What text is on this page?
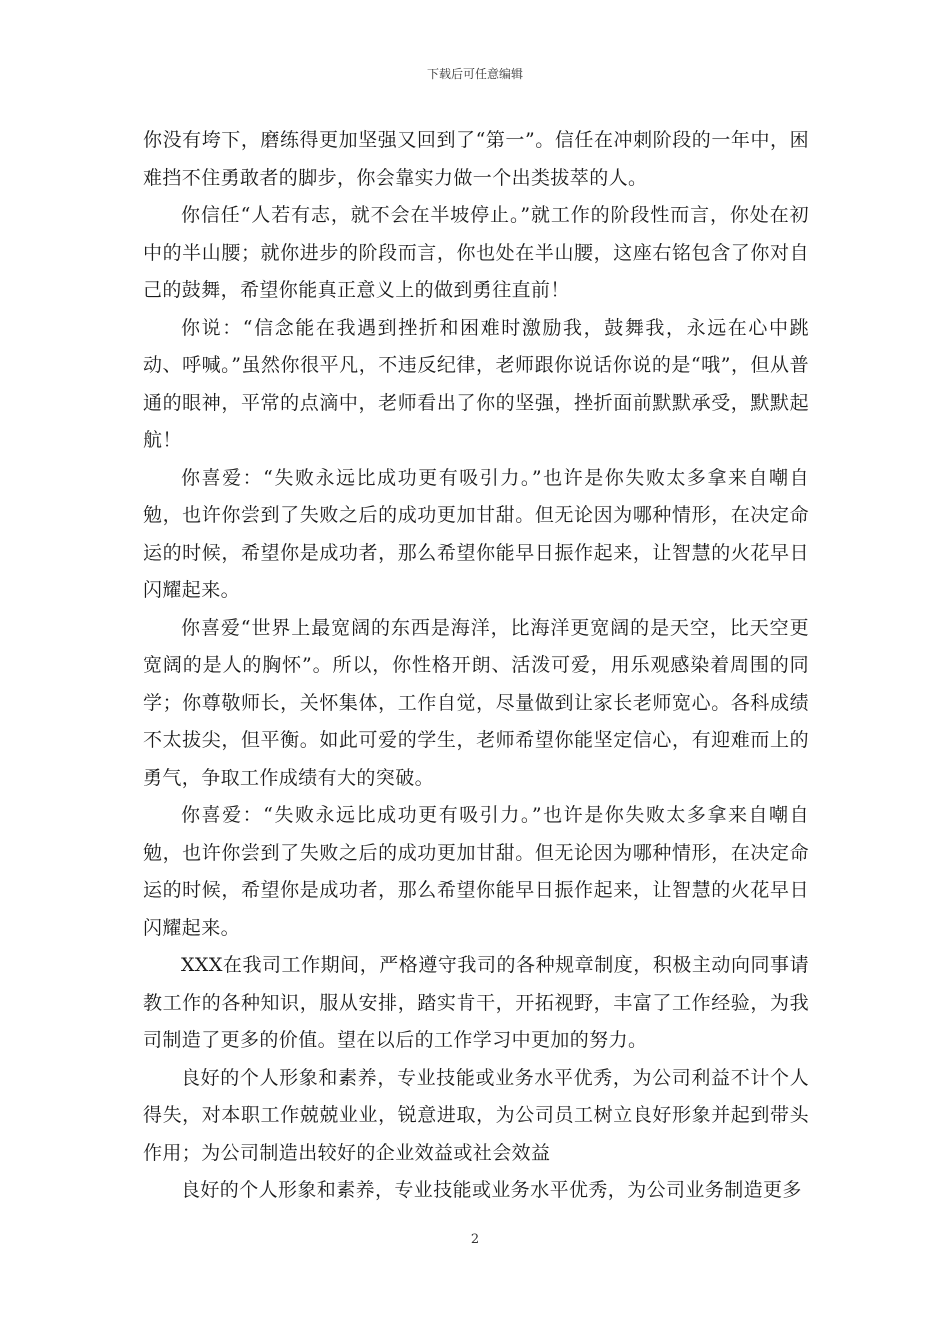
下载后可任意编辑

你没有垮下，磨练得更加坚强又回到了“第一”。信任在冲刺阶段的一年中，困难挡不住勇敢者的脚步，你会靠实力做一个出类拔萃的人。

你信任“人若有志，就不会在半坡停止。”就工作的阶段性而言，你处在初中的半山腰；就你进步的阶段而言，你也处在半山腰，这座右铭包含了你对自己的鼓舞，希望你能真正意义上的做到勇往直前！

你说：“信念能在我遇到挫折和困难时激励我，鼓舞我，永远在心中跳动、呼喊。”虽然你很平凡，不违反纪律，老师跟你说话你说的是“哦”，但从普通的眼神，平常的点滴中，老师看出了你的坚强，挫折面前默默承受，默默起航！

你喜爱：“失败永远比成功更有吸引力。”也许是你失败太多拿来自嘲自勉，也许你尝到了失败之后的成功更加甘甜。但无论因为哪种情形，在决定命运的时候，希望你是成功者，那么希望你能早日振作起来，让智慧的火花早日闪耀起来。

你喜爱“世界上最宽阔的东西是海洋，比海洋更宽阔的是天空，比天空更宽阔的是人的胸怀”。所以，你性格开朗、活泼可爱，用乐观感染着周围的同学；你尊敬师长，关怀集体，工作自觉，尽量做到让家长老师宽心。各科成绩不太拔尖，但平衡。如此可爱的学生，老师希望你能坚定信心，有迎难而上的勇气，争取工作成绩有大的突破。

你喜爱：“失败永远比成功更有吸引力。”也许是你失败太多拿来自嘲自勉，也许你尝到了失败之后的成功更加甘甜。但无论因为哪种情形，在决定命运的时候，希望你是成功者，那么希望你能早日振作起来，让智慧的火花早日闪耀起来。

XXX在我司工作期间，严格遵守我司的各种规章制度，积极主动向同事请教工作的各种知识，服从安排，踏实肯干，开拓视野，丰富了工作经验，为我司制造了更多的价值。望在以后的工作学习中更加的努力。

良好的个人形象和素养，专业技能或业务水平优秀，为公司利益不计个人得失，对本职工作兢兢业业，锐意进取，为公司员工树立良好形象并起到带头作用；为公司制造出较好的企业效益或社会效益

良好的个人形象和素养，专业技能或业务水平优秀，为公司业务制造更多

2
